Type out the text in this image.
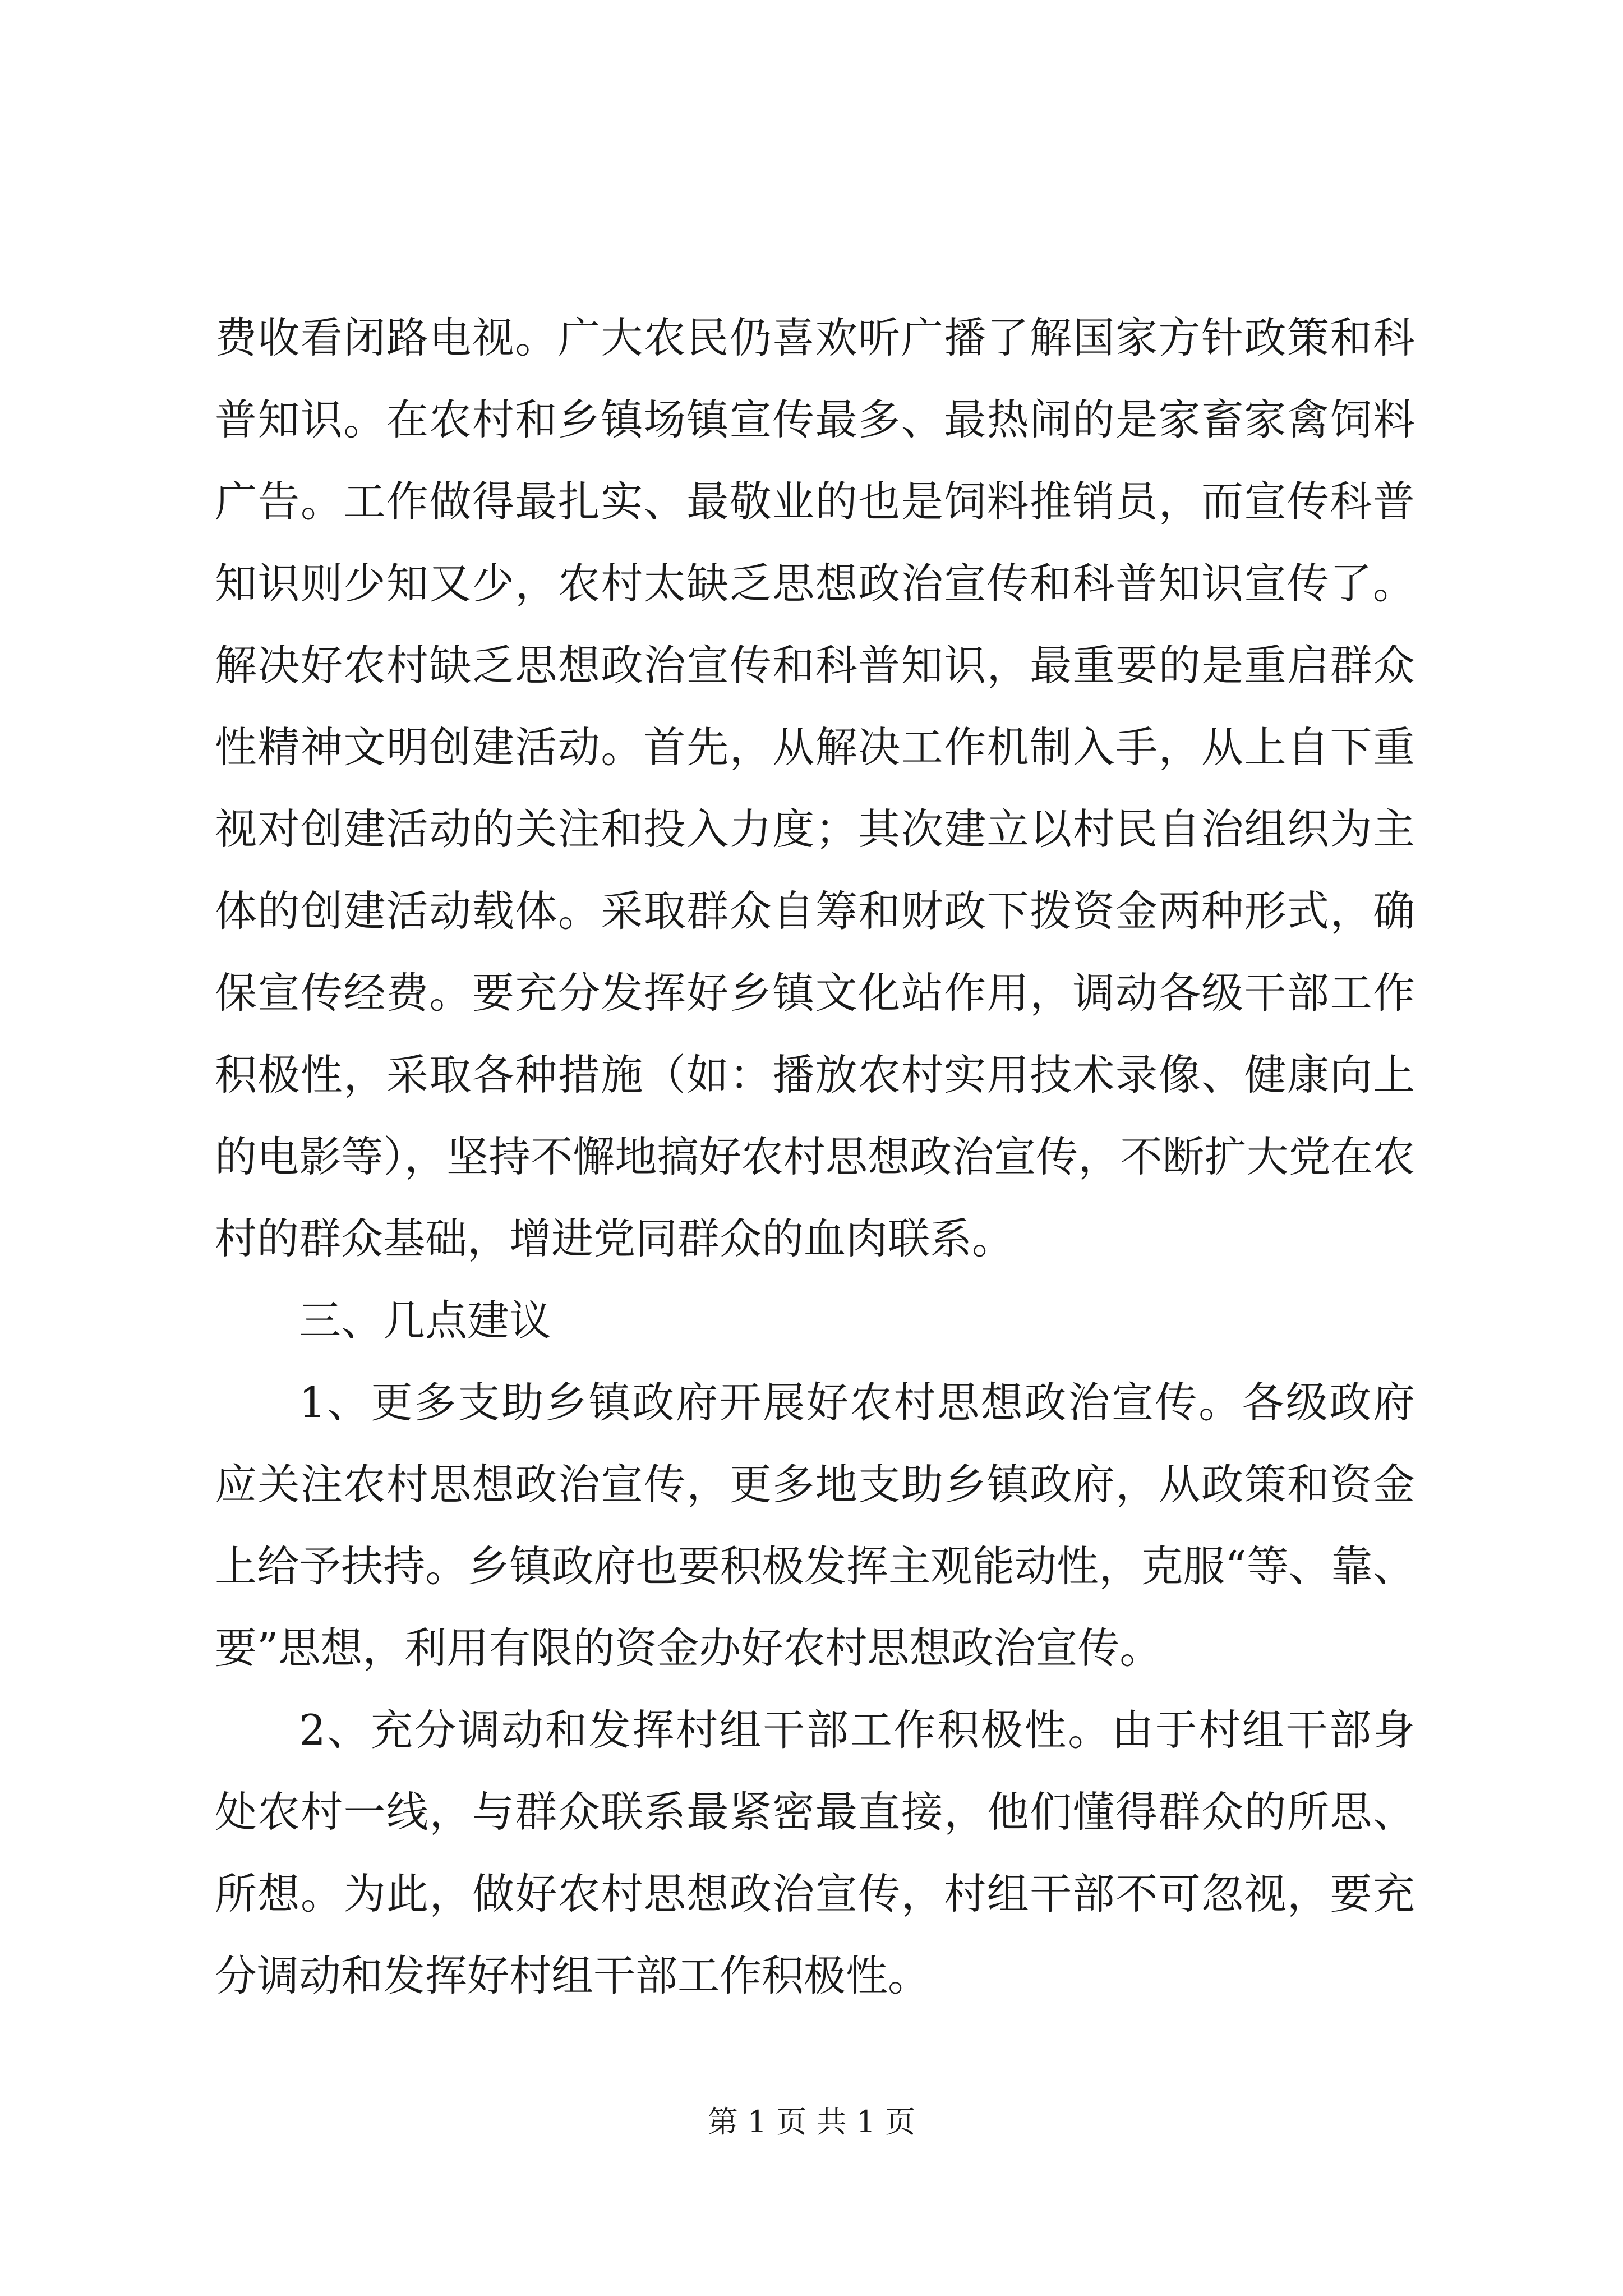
费收看闭路电视。广大农民仍喜欢听广播了解国家方针政策和科普知识。在农村和乡镇场镇宣传最多、最热闹的是家畜家禽饲料广告。工作做得最扎实、最敬业的也是饲料推销员，而宣传科普知识则少知又少，农村太缺乏思想政治宣传和科普知识宣传了。解决好农村缺乏思想政治宣传和科普知识，最重要的是重启群众性精神文明创建活动。首先，从解决工作机制入手，从上自下重视对创建活动的关注和投入力度；其次建立以村民自治组织为主体的创建活动载体。采取群众自筹和财政下拨资金两种形式，确保宣传经费。要充分发挥好乡镇文化站作用，调动各级干部工作积极性，采取各种措施（如：播放农村实用技术录像、健康向上的电影等），坚持不懈地搞好农村思想政治宣传，不断扩大党在农村的群众基础，增进党同群众的血肉联系。

三、几点建议

1、更多支助乡镇政府开展好农村思想政治宣传。各级政府应关注农村思想政治宣传，更多地支助乡镇政府，从政策和资金上给予扶持。乡镇政府也要积极发挥主观能动性，克服“等、靠、要”思想，利用有限的资金办好农村思想政治宣传。

2、充分调动和发挥村组干部工作积极性。由于村组干部身处农村一线，与群众联系最紧密最直接，他们懂得群众的所思、所想。为此，做好农村思想政治宣传，村组干部不可忽视，要充分调动和发挥好村组干部工作积极性。

第 1 页 共 1 页
